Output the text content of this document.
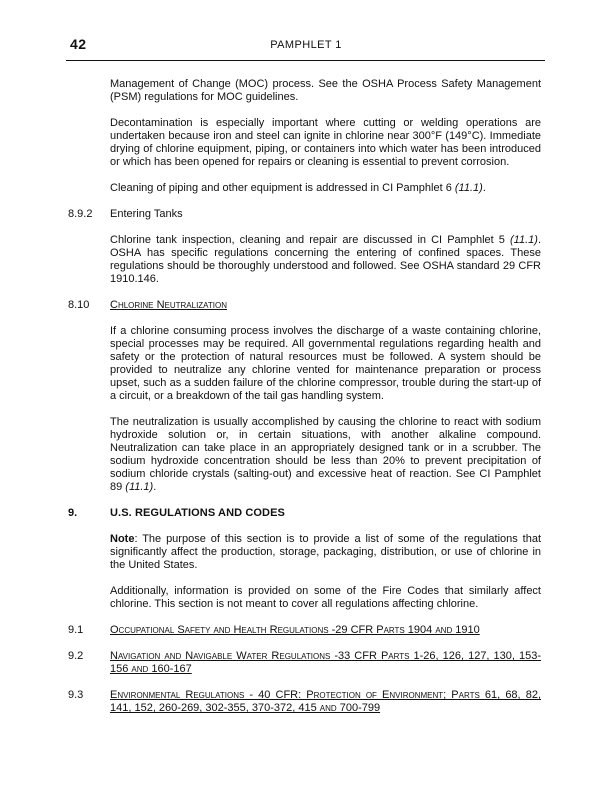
42	PAMPHLET 1

Management of Change (MOC) process. See the OSHA Process Safety Management (PSM) regulations for MOC guidelines.

Decontamination is especially important where cutting or welding operations are undertaken because iron and steel can ignite in chlorine near 300°F (149°C). Immediate drying of chlorine equipment, piping, or containers into which water has been introduced or which has been opened for repairs or cleaning is essential to prevent corrosion.

Cleaning of piping and other equipment is addressed in CI Pamphlet 6 (11.1).

8.9.2	Entering Tanks

Chlorine tank inspection, cleaning and repair are discussed in CI Pamphlet 5 (11.1). OSHA has specific regulations concerning the entering of confined spaces. These regulations should be thoroughly understood and followed. See OSHA standard 29 CFR 1910.146.

8.10	Chlorine Neutralization

If a chlorine consuming process involves the discharge of a waste containing chlorine, special processes may be required. All governmental regulations regarding health and safety or the protection of natural resources must be followed. A system should be provided to neutralize any chlorine vented for maintenance preparation or process upset, such as a sudden failure of the chlorine compressor, trouble during the start-up of a circuit, or a breakdown of the tail gas handling system.

The neutralization is usually accomplished by causing the chlorine to react with sodium hydroxide solution or, in certain situations, with another alkaline compound. Neutralization can take place in an appropriately designed tank or in a scrubber. The sodium hydroxide concentration should be less than 20% to prevent precipitation of sodium chloride crystals (salting-out) and excessive heat of reaction. See CI Pamphlet 89 (11.1).

9.	U.S. REGULATIONS AND CODES

Note: The purpose of this section is to provide a list of some of the regulations that significantly affect the production, storage, packaging, distribution, or use of chlorine in the United States.

Additionally, information is provided on some of the Fire Codes that similarly affect chlorine. This section is not meant to cover all regulations affecting chlorine.

9.1	Occupational Safety and Health Regulations -29 CFR Parts 1904 and 1910
9.2	Navigation and Navigable Water Regulations -33 CFR Parts 1-26, 126, 127, 130, 153-156 and 160-167
9.3	Environmental Regulations - 40 CFR: Protection of Environment; Parts 61, 68, 82, 141, 152, 260-269, 302-355, 370-372, 415 and 700-799
